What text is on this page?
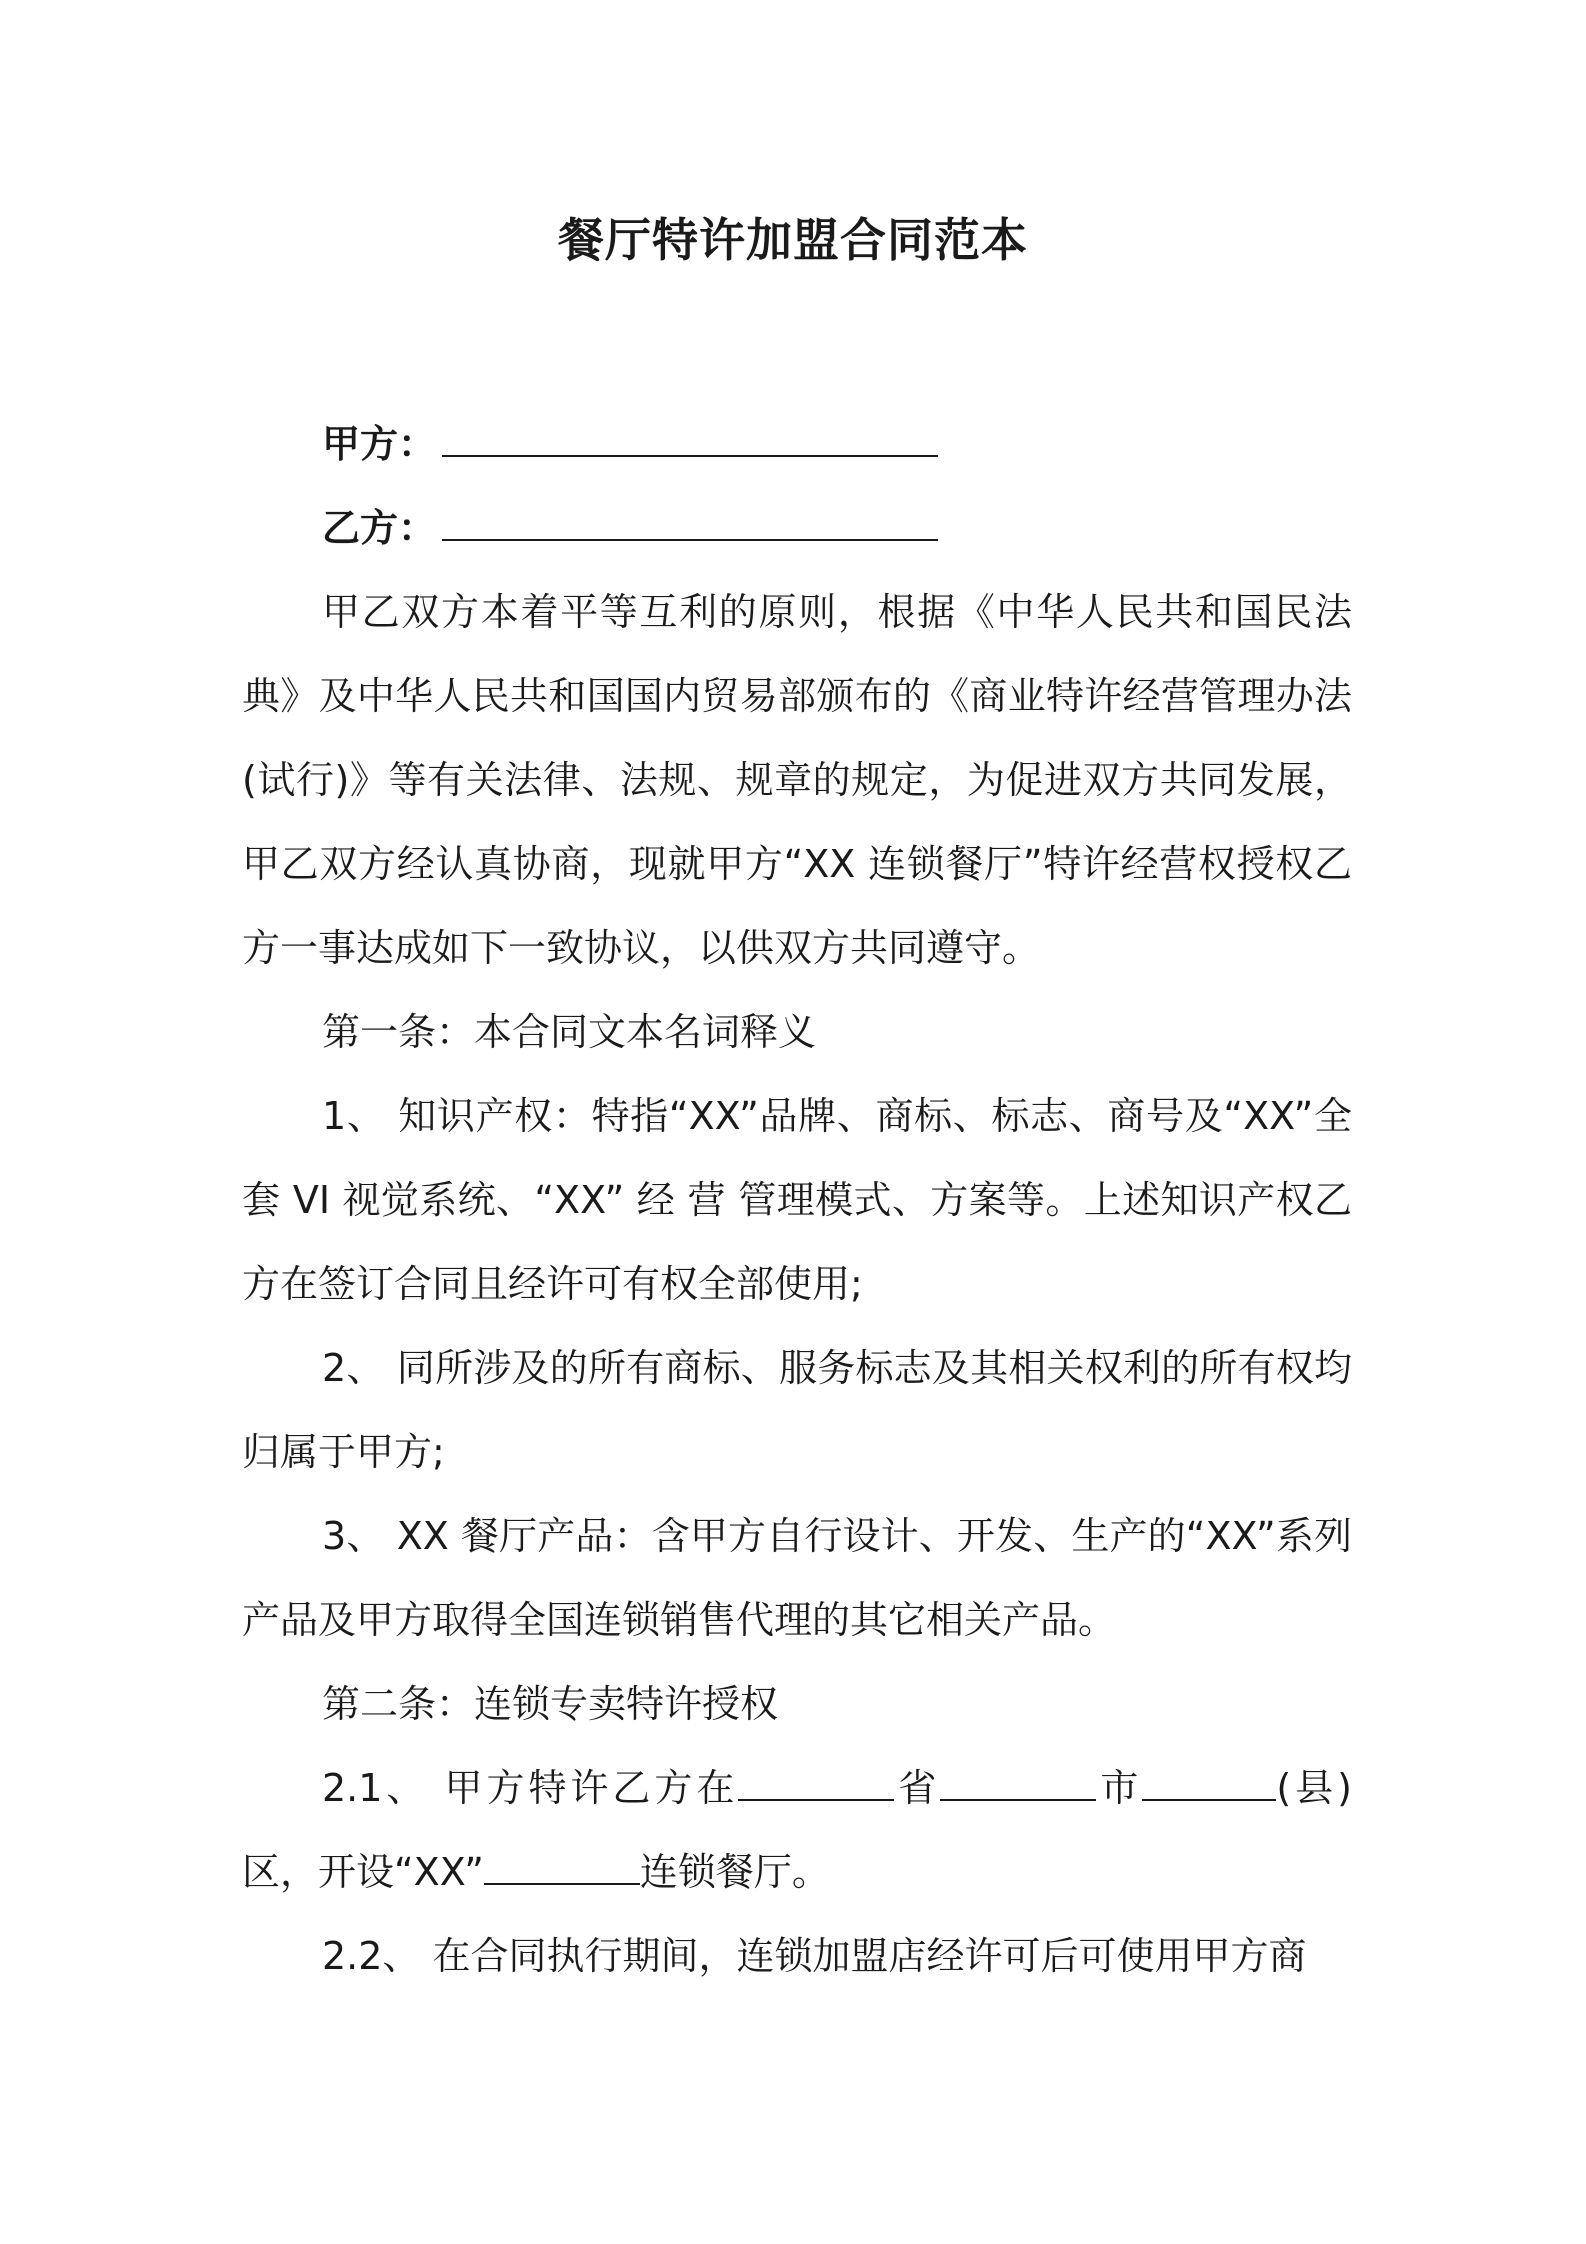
餐厅特许加盟合同范本

甲方：

乙方：

甲乙双方本着平等互利的原则，根据《中华人民共和国民法典》及中华人民共和国国内贸易部颁布的《商业特许经营管理办法(试行)》等有关法律、法规、规章的规定，为促进双方共同发展，甲乙双方经认真协商，现就甲方“XX 连锁餐厅”特许经营权授权乙方一事达成如下一致协议，以供双方共同遵守。

第一条：本合同文本名词释义

1、 知识产权：特指“XX”品牌、商标、标志、商号及“XX”全套 VI 视觉系统、“XX” 经 营 管理模式、方案等。上述知识产权乙方在签订合同且经许可有权全部使用;

2、 同所涉及的所有商标、服务标志及其相关权利的所有权均归属于甲方;

3、 XX 餐厅产品：含甲方自行设计、开发、生产的“XX”系列产品及甲方取得全国连锁销售代理的其它相关产品。

第二条：连锁专卖特许授权

2.1、 甲方特许乙方在	省	市	(县)区，开设“XX”	连锁餐厅。

2.2、 在合同执行期间，连锁加盟店经许可后可使用甲方商
